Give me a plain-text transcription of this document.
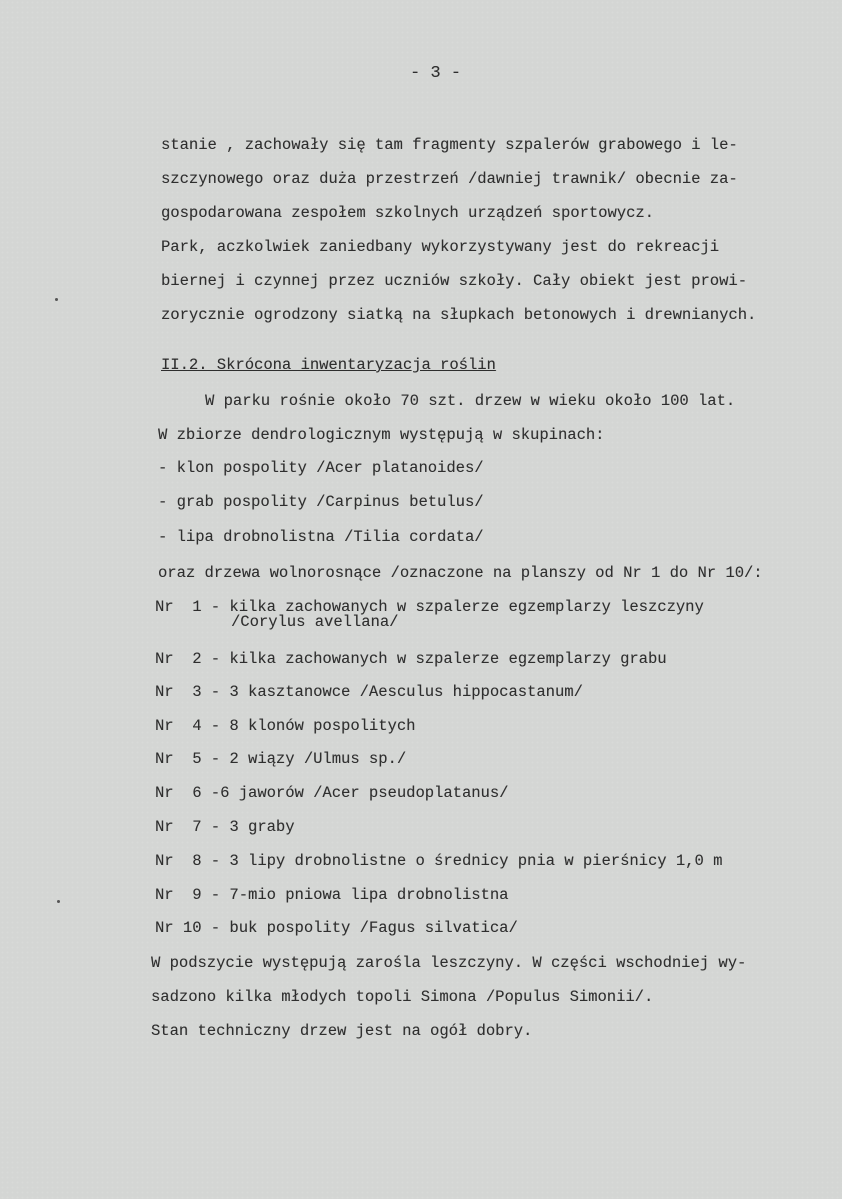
- 3 -
stanie , zachowały się tam fragmenty szpalerów grabowego i le-
szczynowego oraz duża przestrzeń /dawniej trawnik/ obecnie za-
gospodarowana zespołem szkolnych urządzeń sportowycz.
Park, aczkolwiek zaniedbany wykorzystywany jest do rekreacji
biernej i czynnej przez uczniów szkoły. Cały obiekt jest prowi-
zorycznie ogrodzony siatką na słupkach betonowych i drewnianych.
II.2. Skrócona inwentaryzacja roślin
W parku rośnie około 70 szt. drzew w wieku około 100 lat.
W zbiorze dendrologicznym występują w skupinach:
- klon pospolity /Acer platanoides/
- grab pospolity /Carpinus betulus/
- lipa drobnolistna /Tilia cordata/
oraz drzewa wolnorosnące /oznaczone na planszy od Nr 1 do Nr 10/:
Nr  1 - kilka zachowanych w szpalerze egzemplarzy leszczyny
/Corylus avellana/
Nr  2 - kilka zachowanych w szpalerze egzemplarzy grabu
Nr  3 - 3 kasztanowce /Aesculus hippocastanum/
Nr  4 - 8 klonów pospolitych
Nr  5 - 2 wiązy /Ulmus sp./
Nr  6 -6 jaworów /Acer pseudoplatanus/
Nr  7 - 3 graby
Nr  8 - 3 lipy drobnolistne o średnicy pnia w pierśnicy 1,0 m
Nr  9 - 7-mio pniowa lipa drobnolistna
Nr 10 - buk pospolity /Fagus silvatica/
W podszycie występują zarośla leszczyny. W części wschodniej wy-
sadzono kilka młodych topoli Simona /Populus Simonii/.
Stan techniczny drzew jest na ogół dobry.
